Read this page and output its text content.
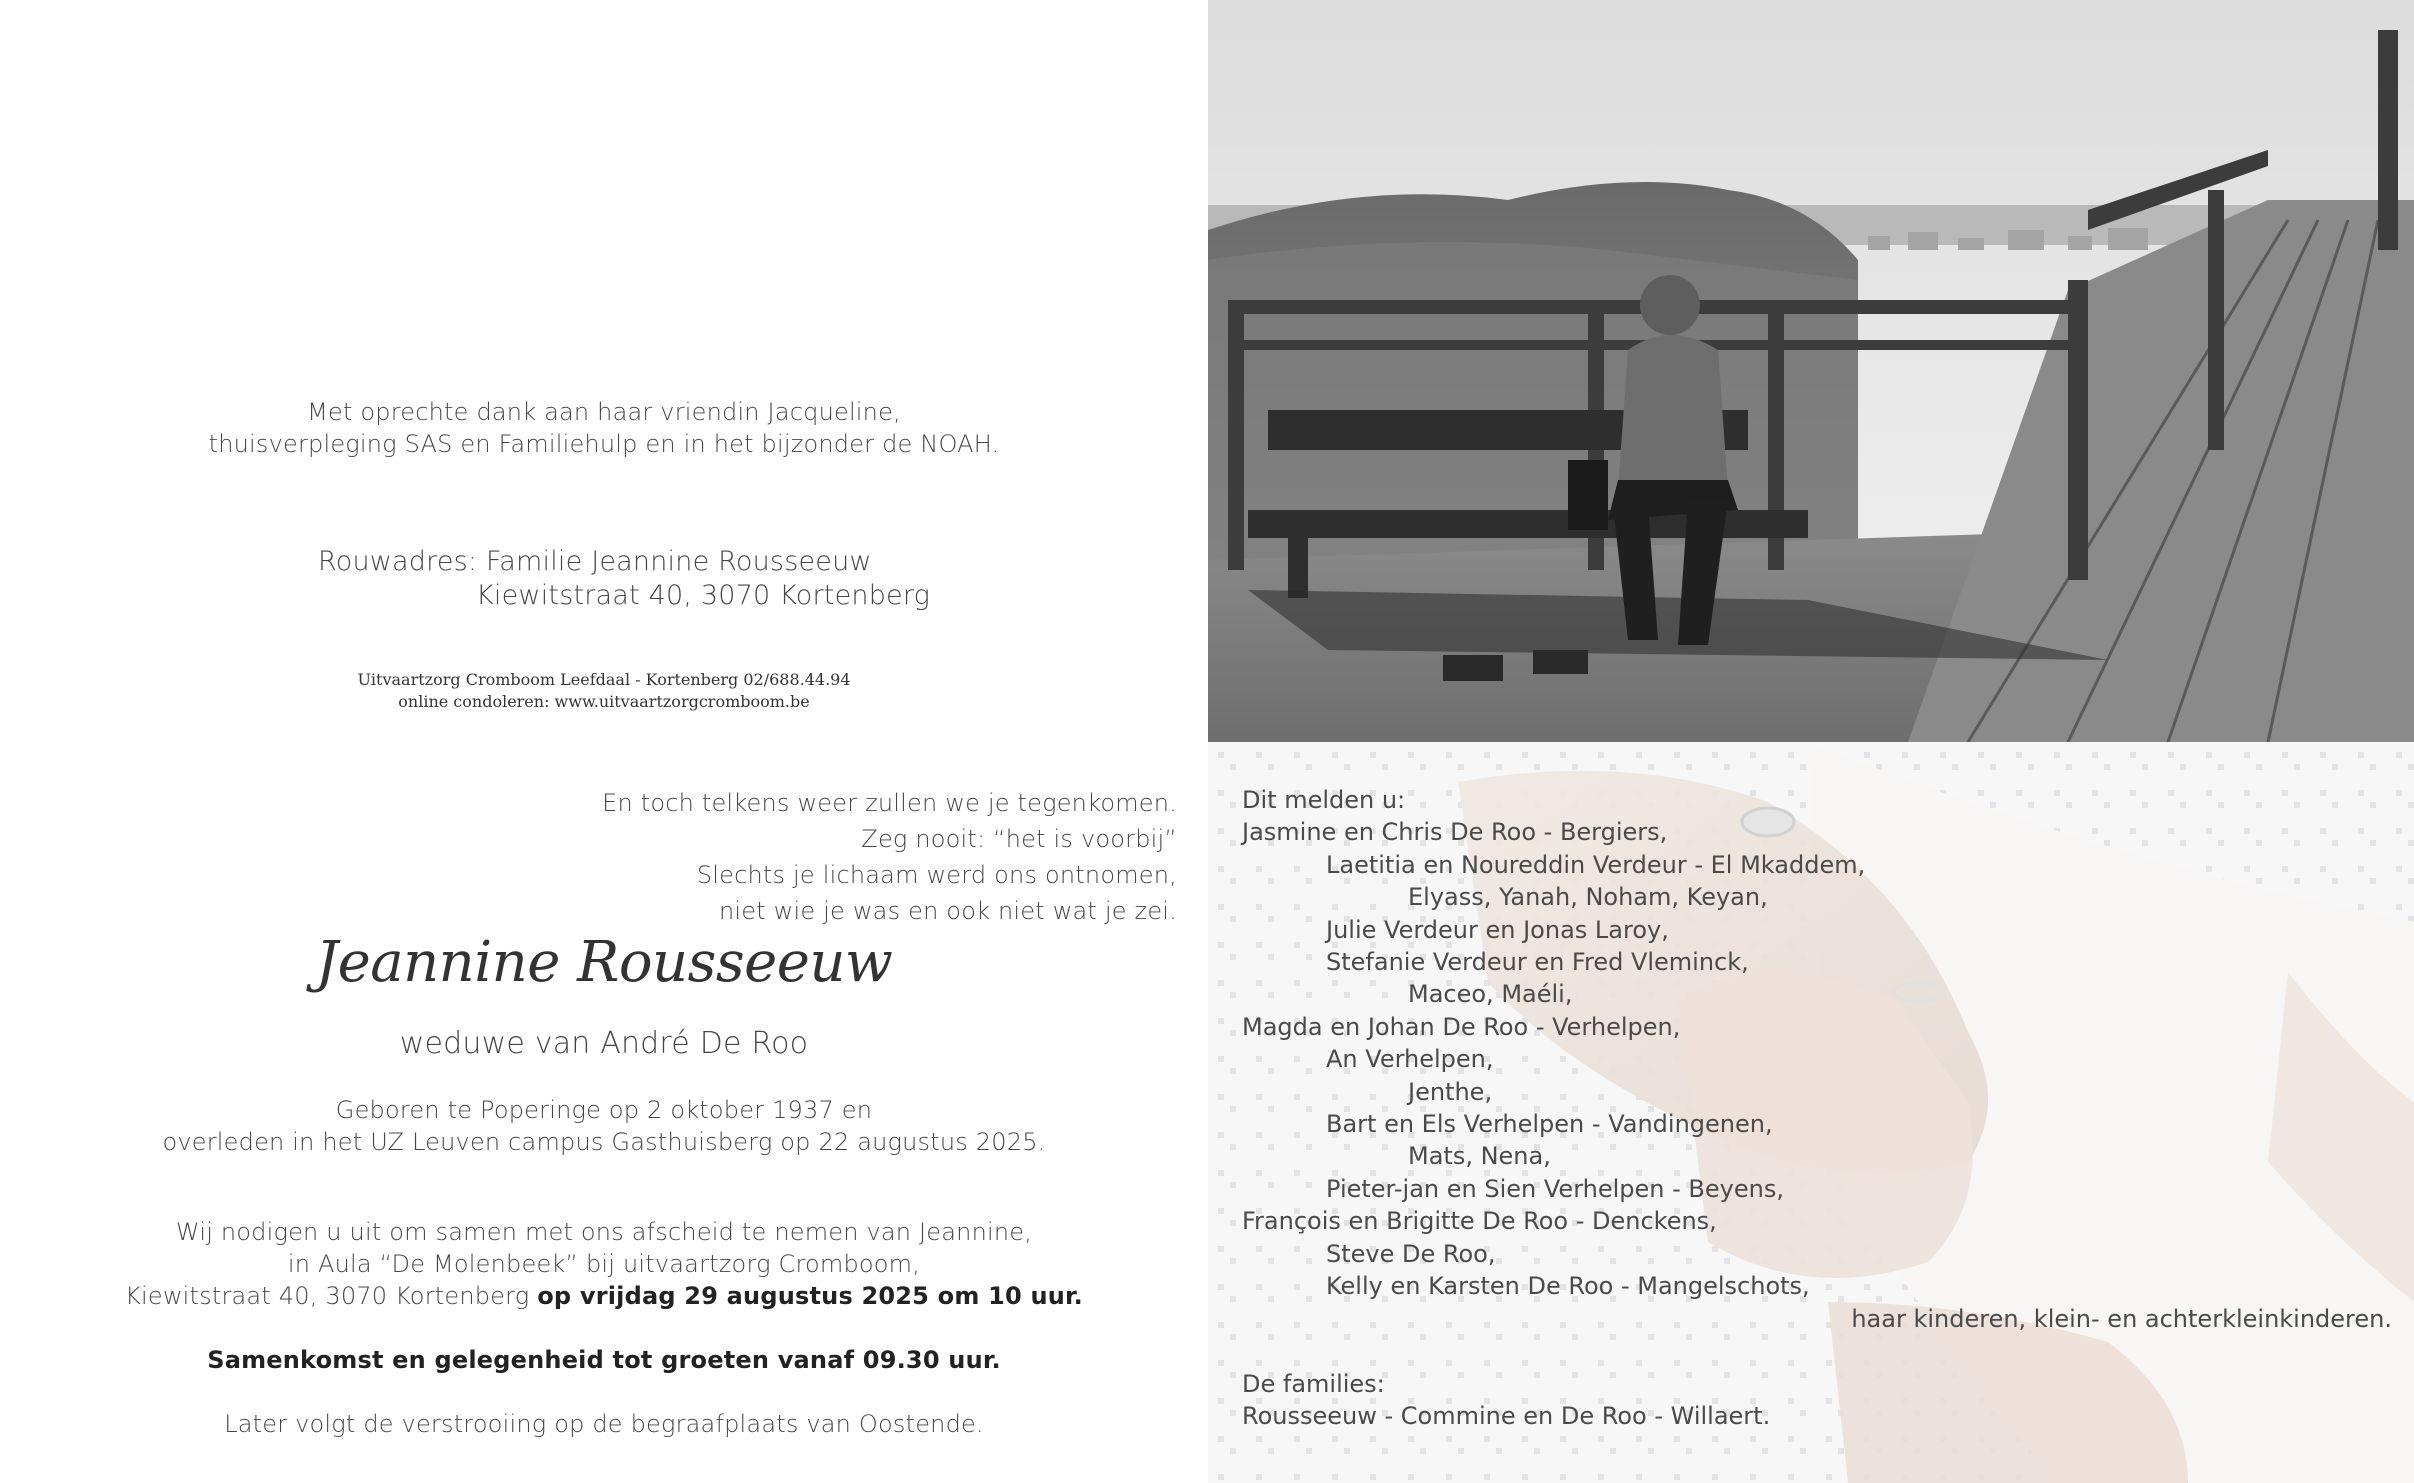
Met oprechte dank aan haar vriendin Jacqueline,
thuisverpleging SAS en Familiehulp en in het bijzonder de NOAH.
Rouwadres: Familie Jeannine Rousseeuw
Kiewitstraat 40, 3070 Kortenberg
Uitvaartzorg Cromboom Leefdaal - Kortenberg 02/688.44.94
online condoleren: www.uitvaartzorgcromboom.be
En toch telkens weer zullen we je tegenkomen.
Zeg nooit: “het is voorbij”
Slechts je lichaam werd ons ontnomen,
niet wie je was en ook niet wat je zei.
Jeannine Rousseeuw
weduwe van André De Roo
Geboren te Poperinge op 2 oktober 1937 en
overleden in het UZ Leuven campus Gasthuisberg op 22 augustus 2025.
Wij nodigen u uit om samen met ons afscheid te nemen van Jeannine,
in Aula “De Molenbeek” bij uitvaartzorg Cromboom,
Kiewitstraat 40, 3070 Kortenberg op vrijdag 29 augustus 2025 om 10 uur.
Samenkomst en gelegenheid tot groeten vanaf 09.30 uur.
Later volgt de verstrooiing op de begraafplaats van Oostende.
Dit melden u:
Jasmine en Chris De Roo - Bergiers,
Laetitia en Noureddin Verdeur - El Mkaddem,
Elyass, Yanah, Noham, Keyan,
Julie Verdeur en Jonas Laroy,
Stefanie Verdeur en Fred Vleminck,
Maceo, Maéli,
Magda en Johan De Roo - Verhelpen,
An Verhelpen,
Jenthe,
Bart en Els Verhelpen - Vandingenen,
Mats, Nena,
Pieter-jan en Sien Verhelpen - Beyens,
François en Brigitte De Roo - Denckens,
Steve De Roo,
Kelly en Karsten De Roo - Mangelschots,
haar kinderen, klein- en achterkleinkinderen.
De families:
Rousseeuw - Commine en De Roo - Willaert.
